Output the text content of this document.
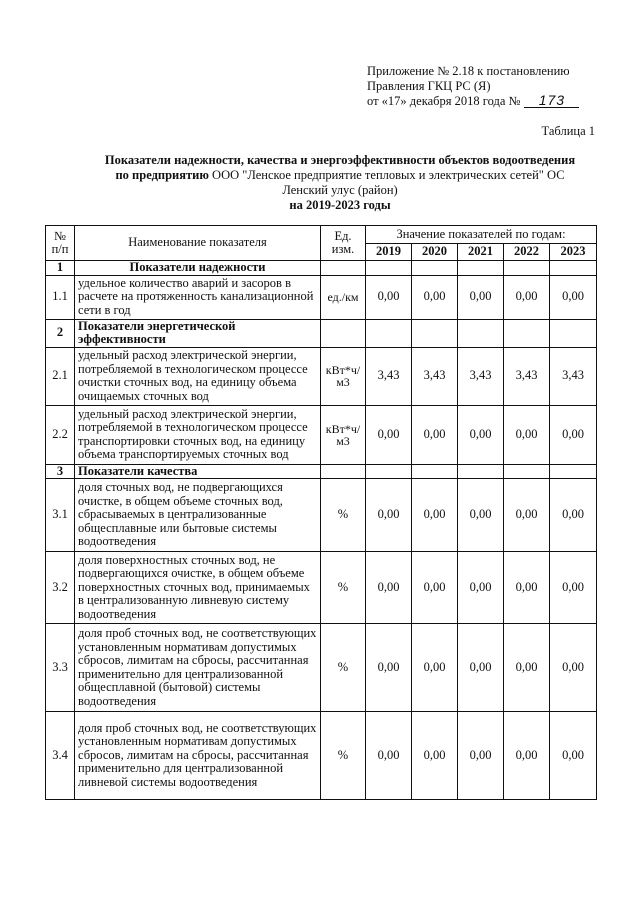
Приложение № 2.18 к постановлению
Правления ГКЦ РС (Я)
от «17» декабря 2018 года № 173
Таблица 1
Показатели надежности, качества и энергоэффективности объектов водоотведения
по предприятию ООО "Ленское предприятие тепловых и электрических сетей" ОС
Ленский улус (район)
на 2019-2023 годы
№ п/п	Наименование показателя	Ед. изм.	Значение показателей по годам:				
			2019	2020	2021	2022	2023
1	Показатели надежности						
1.1	удельное количество аварий и засоров в расчете на протяженность канализационной сети в год	ед./км	0,00	0,00	0,00	0,00	0,00
2	Показатели энергетической эффективности						
2.1	удельный расход электрической энергии, потребляемой в технологическом процессе очистки сточных вод, на единицу объема очищаемых сточных вод	кВт*ч/м3	3,43	3,43	3,43	3,43	3,43
2.2	удельный расход электрической энергии, потребляемой в технологическом процессе транспортировки сточных вод, на единицу объема транспортируемых сточных вод	кВт*ч/м3	0,00	0,00	0,00	0,00	0,00
3	Показатели качества						
3.1	доля сточных вод, не подвергающихся очистке, в общем объеме сточных вод, сбрасываемых в централизованные общесплавные или бытовые системы водоотведения	%	0,00	0,00	0,00	0,00	0,00
3.2	доля поверхностных сточных вод, не подвергающихся очистке, в общем объеме поверхностных сточных вод, принимаемых в централизованную ливневую систему водоотведения	%	0,00	0,00	0,00	0,00	0,00
3.3	доля проб сточных вод, не соответствующих установленным нормативам допустимых сбросов, лимитам на сбросы, рассчитанная применительно для централизованной общесплавной (бытовой) системы водоотведения	%	0,00	0,00	0,00	0,00	0,00
3.4	доля проб сточных вод, не соответствующих установленным нормативам допустимых сбросов, лимитам на сбросы, рассчитанная применительно для централизованной ливневой системы водоотведения	%	0,00	0,00	0,00	0,00	0,00
